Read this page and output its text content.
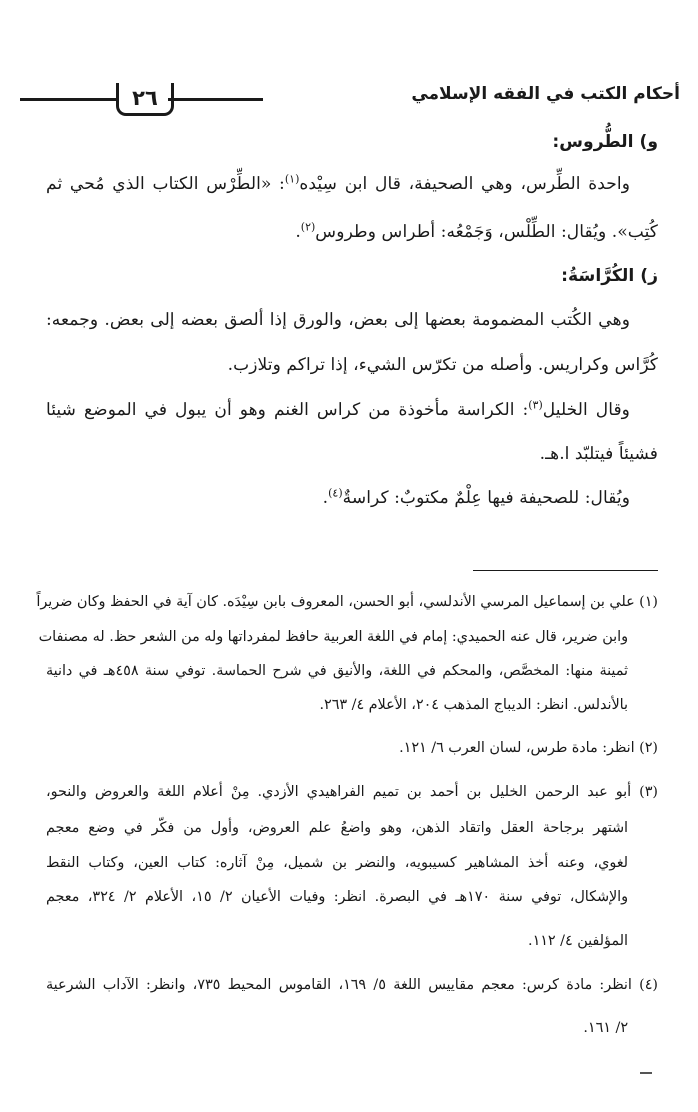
٢٦	أحكام الكتب في الفقه الإسلامي
و) الطُّروس:
واحدة الطِّرس، وهي الصحيفة، قال ابن سِيْده$^{(١)}$: «الطِّرْس الكتاب الذي مُحي ثم
كُتِب». ويُقال: الطِّلْس، وَجَمْعُه: أطراس وطروس$^{(٢)}$.
ز) الكُرَّاسَةُ:
وهي الكُتب المضمومة بعضها إلى بعض، والورق إذا ألصق بعضه إلى بعض. وجمعه:
كُرَّاس وكراريس. وأصله من تكرّس الشيء، إذا تراكم وتلازب.
وقال الخليل$^{(٣)}$: الكراسة مأخوذة من كراس الغنم وهو أن يبول في الموضع شيئا
فشيئاً فيتلبّد ا.هـ.
ويُقال: للصحيفة فيها عِلْمٌ مكتوبٌ: كراسةٌ$^{(٤)}$.
(١) علي بن إسماعيل المرسي الأندلسي، أبو الحسن، المعروف بابن سِيْدَه. كان آية في الحفظ وكان ضريراً
وابن ضرير، قال عنه الحميدي: إمام في اللغة العربية حافظ لمفرداتها وله من الشعر حظ. له مصنفات
ثمينة منها: المخصَّص، والمحكم في اللغة، والأنيق في شرح الحماسة. توفي سنة ٤٥٨هـ في دانية
بالأندلس. انظر: الديباج المذهب ٢٠٤، الأعلام ٤/ ٢٦٣.
(٢) انظر: مادة طرس، لسان العرب ٦/ ١٢١.
(٣) أبو عبد الرحمن الخليل بن أحمد بن تميم الفراهيدي الأزدي. مِنْ أعلام اللغة والعروض والنحو،
اشتهر برجاحة العقل واتقاد الذهن، وهو واضعُ علم العروض، وأول من فكّر في وضع معجم
لغوي، وعنه أخذ المشاهير كسيبويه، والنضر بن شميل، مِنْ آثاره: كتاب العين، وكتاب النقط
والإشكال، توفي سنة ١٧٠هـ في البصرة. انظر: وفيات الأعيان ٢/ ١٥، الأعلام ٢/ ٣٢٤، معجم
المؤلفين ٤/ ١١٢.
(٤) انظر: مادة كرس: معجم مقاييس اللغة ٥/ ١٦٩، القاموس المحيط ٧٣٥، وانظر: الآداب الشرعية
٢/ ١٦١.
